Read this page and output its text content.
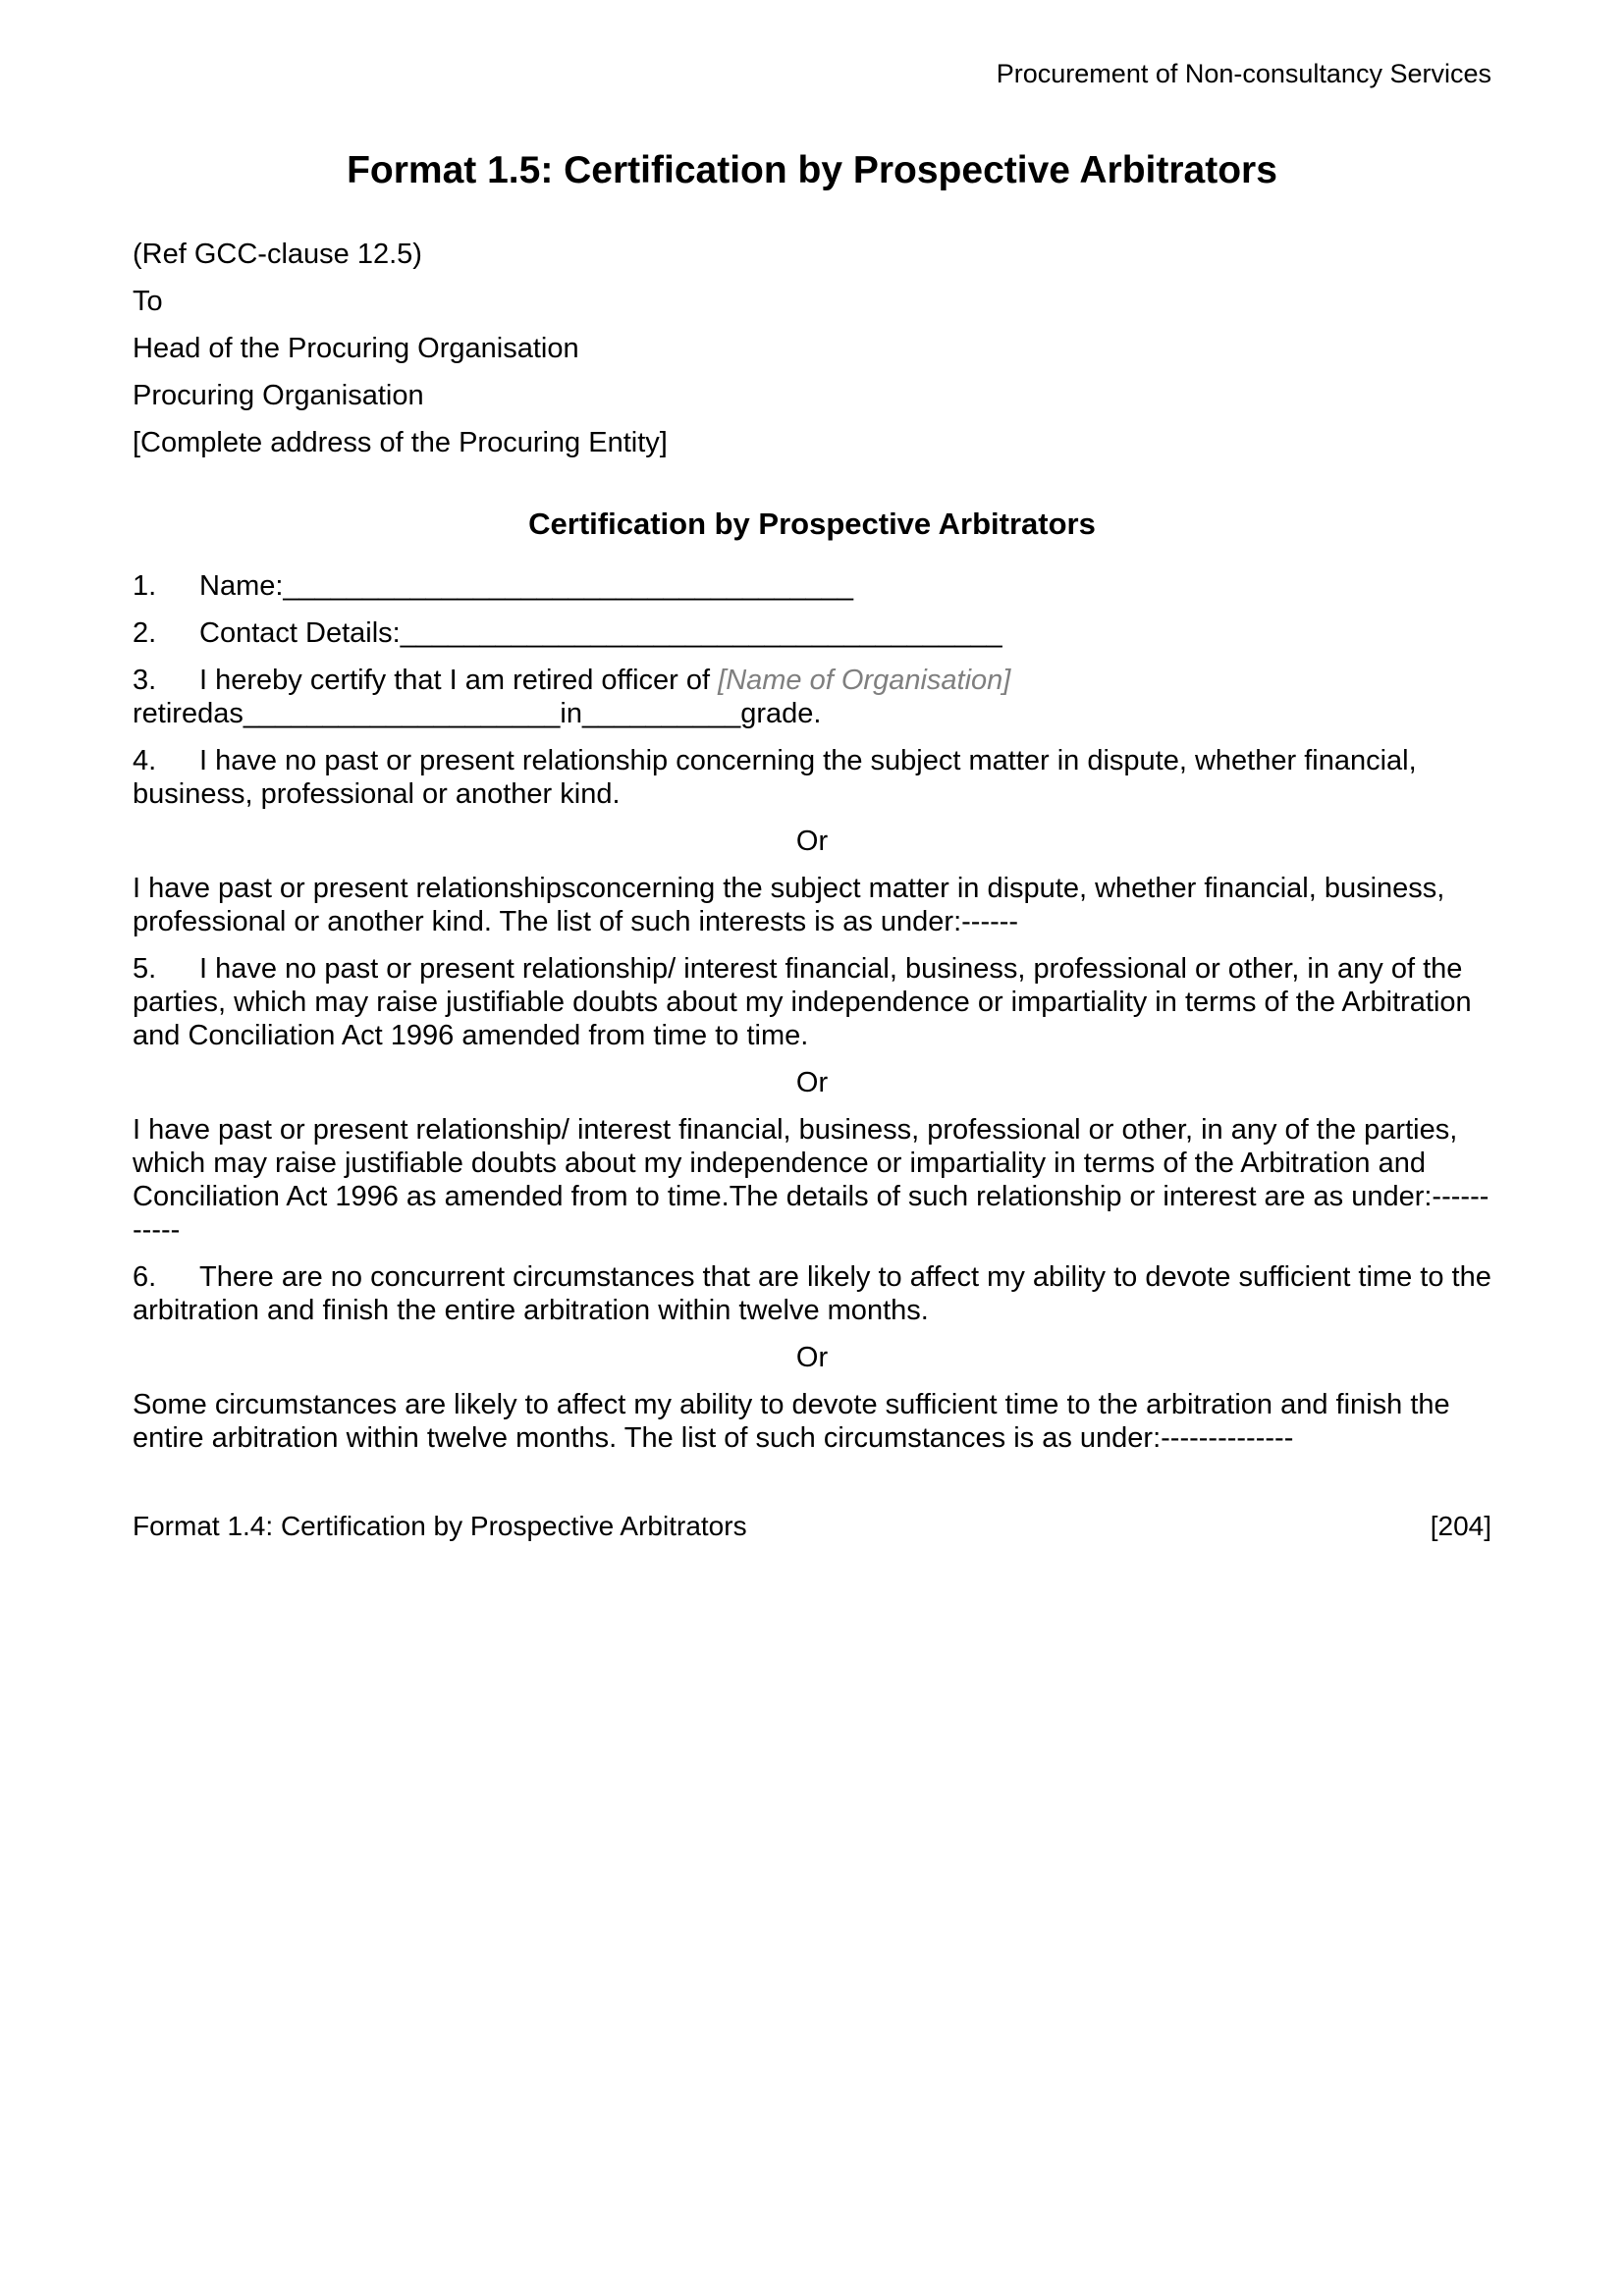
Procurement of Non-consultancy Services
Format 1.5: Certification by Prospective Arbitrators

(Ref GCC-clause 12.5)

To

Head of the Procuring Organisation

Procuring Organisation

[Complete address of the Procuring Entity]

Certification by Prospective Arbitrators

1. Name:____________________________________

2. Contact Details:______________________________________

3. I hereby certify that I am retired officer of [Name of Organisation] retiredas____________________in__________grade.

4. I have no past or present relationship concerning the subject matter in dispute, whether financial, business, professional or another kind.

Or

I have past or present relationshipsconcerning the subject matter in dispute, whether financial, business, professional or another kind. The list of such interests is as under:------

5. I have no past or present relationship/ interest financial, business, professional or other, in any of the parties, which may raise justifiable doubts about my independence or impartiality in terms of the Arbitration and Conciliation Act 1996 amended from time to time.

Or

I have past or present relationship/ interest financial, business, professional or other, in any of the parties, which may raise justifiable doubts about my independence or impartiality in terms of the Arbitration and Conciliation Act 1996 as amended from to time.The details of such relationship or interest are as under:-----------

6. There are no concurrent circumstances that are likely to affect my ability to devote sufficient time to the arbitration and finish the entire arbitration within twelve months.

Or

Some circumstances are likely to affect my ability to devote sufficient time to the arbitration and finish the entire arbitration within twelve months. The list of such circumstances is as under:--------------

Format 1.4: Certification by Prospective Arbitrators	[204]
